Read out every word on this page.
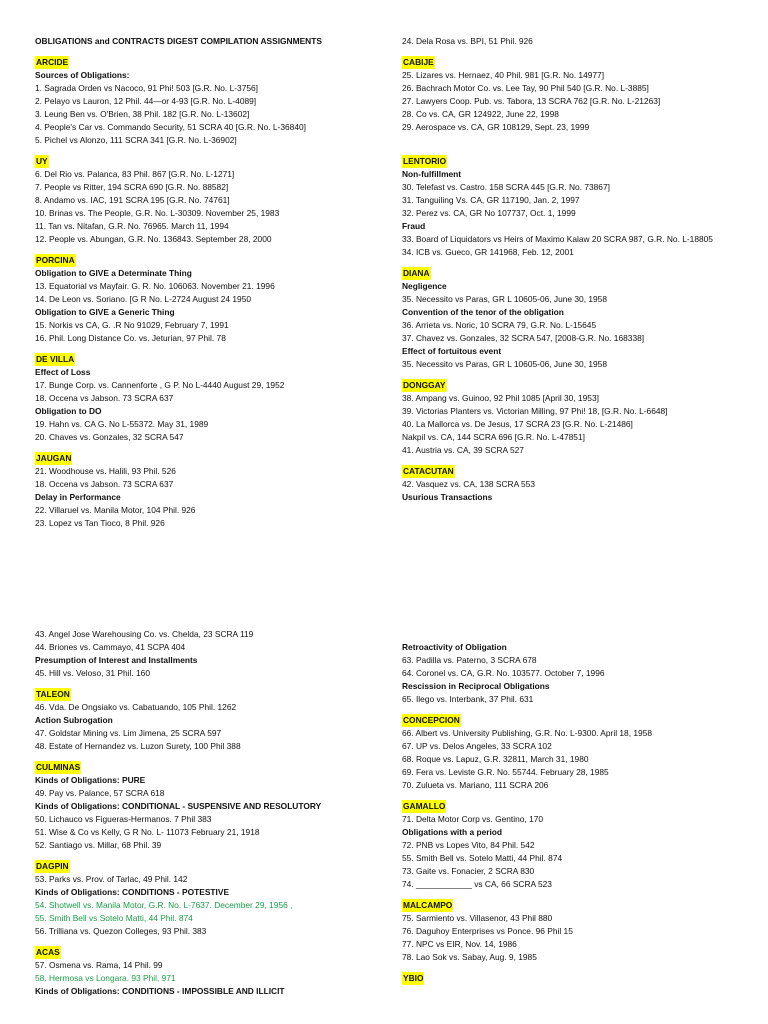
OBLIGATIONS and CONTRACTS DIGEST COMPILATION ASSIGNMENTS
ARCIDE
Sources of Obligations:
1. Sagrada Orden vs Nacoco, 91 Phi! 503 [G.R. No. L-3756]
2. Pelayo vs Lauron, 12 Phil. 44—or 4-93 [G.R. No. L-4089]
3. Leung Ben vs. O'Brien, 38 Phil. 182 [G.R. No. L-13602]
4. People's Car vs. Commando Security, 51 SCRA 40 [G.R. No. L-36840]
5. Pichel vs Alonzo, 111 SCRA 341 [G.R. No. L-36902]
UY
6. Del Rio vs. Palanca, 83 Phil. 867 [G.R. No. L-1271]
7. People vs Ritter, 194 SCRA 690 [G.R. No. 88582]
8. Andamo vs. IAC, 191 SCRA 195 [G.R. No. 74761]
10. Brinas vs. The People, G.R. No. L-30309. November 25, 1983
11. Tan vs. Nitafan, G.R. No. 76965. March 11, 1994
12. People vs. Abungan, G.R. No. 136843. September 28, 2000
PORCINA
Obligation to GIVE a Determinate Thing
13. Equatorial vs Mayfair. G. R. No. 106063. November 21. 1996
14. De Leon vs. Soriano. [G R No. L-2724 August 24 1950
Obligation to GIVE a Generic Thing
15. Norkis vs CA, G. .R No 91029, February 7, 1991
16. Phil. Long Distance Co. vs. Jeturian, 97 Phil. 78
DE VILLA
Effect of Loss
17. Bunge Corp. vs. Cannenforte , G P. No L-4440 August 29, 1952
18. Occena vs Jabson. 73 SCRA 637
Obligation to DO
19. Hahn vs. CA G. No L-55372. May 31, 1989
20. Chaves vs. Gonzales, 32 SCRA 547
JAUGAN
21. Woodhouse vs. Halili, 93 Phil. 526
18. Occena vs Jabson. 73 SCRA 637
Delay in Performance
22. Villaruel vs. Manila Motor, 104 Phil. 926
23. Lopez vs Tan Tioco, 8 Phil. 926
24. Dela Rosa vs. BPI, 51 Phil. 926
CABIJE
25. Lizares vs. Hernaez, 40 Phil. 981 [G.R. No. 14977]
26. Bachrach Motor Co. vs. Lee Tay, 90 Phil 540 [G.R. No. L-3885]
27. Lawyers Coop. Pub. vs. Tabora, 13 SCRA 762 [G.R. No. L-21263]
28. Co vs. CA, GR 124922, June 22, 1998
29. Aerospace vs. CA, GR 108129, Sept. 23, 1999
LENTORIO
Non-fulfillment
30. Telefast vs. Castro. 158 SCRA 445 [G.R. No. 73867]
31. Tanguiling Vs. CA, GR 117190, Jan. 2, 1997
32. Perez vs. CA, GR No 107737, Oct. 1, 1999
Fraud
33. Board of Liquidators vs Heirs of Maximo Kalaw 20 SCRA 987, G.R. No. L-18805
34. ICB vs. Gueco, GR 141968, Feb. 12, 2001
DIANA
Negligence
35. Necessito vs Paras, GR L 10605-06, June 30, 1958
Convention of the tenor of the obligation
36. Arrieta vs. Noric, 10 SCRA 79, G.R. No. L-15645
37. Chavez vs. Gonzales, 32 SCRA 547, [2008-G.R. No. 168338]
Effect of fortuitous event
35. Necessito vs Paras, GR L 10605-06, June 30, 1958
DONGGAY
38. Ampang vs. Guinoo, 92 Phil 1085 [April 30, 1953]
39. Victorias Planters vs. Victorian Milling, 97 Phi! 18, [G.R. No. L-6648]
40. La Mallorca vs. De Jesus, 17 SCRA 23 [G.R. No. L-21486]
Nakpil vs. CA, 144 SCRA 696 [G.R. No. L-47851]
41. Austria vs. CA, 39 SCRA 527
CATACUTAN
42. Vasquez vs. CA, 138 SCRA 553
Usurious Transactions
43. Angel Jose Warehousing Co. vs. Chelda, 23 SCRA 119
44. Briones vs. Cammayo, 41 SCPA 404
Presumption of Interest and Installments
45. Hill vs. Veloso, 31 Phil. 160
TALEON
46. Vda. De Ongsiako vs. Cabatuando, 105 Phil. 1262
Action Subrogation
47. Goldstar Mining vs. Lim Jimena, 25 SCRA 597
48. Estate of Hernandez vs. Luzon Surety, 100 Phil 388
CULMINAS
Kinds of Obligations: PURE
49. Pay vs. Palance, 57 SCRA 618
Kinds of Obligations: CONDITIONAL - SUSPENSIVE AND RESOLUTORY
50. Lichauco vs Figueras-Hermanos. 7 Phil 383
51. Wise & Co vs Kelly, G R No. L- 11073 February 21, 1918
52. Santiago vs. Millar, 68 Phil. 39
DAGPIN
53. Parks vs. Prov. of Tarlac, 49 Phil. 142
Kinds of Obligations: CONDITIONS - POTESTIVE
54. Shotwell vs. Manila Motor, G.R. No. L-7637. December 29, 1956 ,
55. Smith Bell vs Sotelo Matti, 44 Phil. 874
56. Trilliana vs. Quezon Colleges, 93 Phil. 383
ACAS
57. Osmena vs. Rama, 14 Phil. 99
58. Hermosa vs Longara. 93 Phil, 971
Kinds of Obligations: CONDITIONS - IMPOSSIBLE AND ILLICIT
Retroactivity of Obligation
63. Padilla vs. Paterno, 3 SCRA 678
64. Coronel vs. CA, G.R. No. 103577. October 7, 1996
Rescission in Reciprocal Obligations
65. Ilego vs. Interbank, 37 Phil. 631
CONCEPCION
66. Albert vs. University Publishing, G.R. No. L-9300. April 18, 1958
67. UP vs. Delos Angeles, 33 SCRA 102
68. Roque vs. Lapuz, G.R. 32811, March 31, 1980
69. Fera vs. Leviste G.R. No. 55744. February 28, 1985
70. Zulueta vs. Mariano, 111 SCRA 206
GAMALLO
71. Delta Motor Corp vs. Gentino, 170
Obligations with a period
72. PNB vs Lopes Vito, 84 Phil. 542
55. Smith Bell vs. Sotelo Matti, 44 Phil. 874
73. Gaite vs. Fonacier, 2 SCRA 830
74. ____________ vs CA, 66 SCRA 523
MALCAMPO
75. Sarmiento vs. Villasenor, 43 Phil 880
76. Daguhoy Enterprises vs Ponce. 96 Phil 15
77. NPC vs EIR, Nov. 14, 1986
78. Lao Sok vs. Sabay, Aug. 9, 1985
YBIO
